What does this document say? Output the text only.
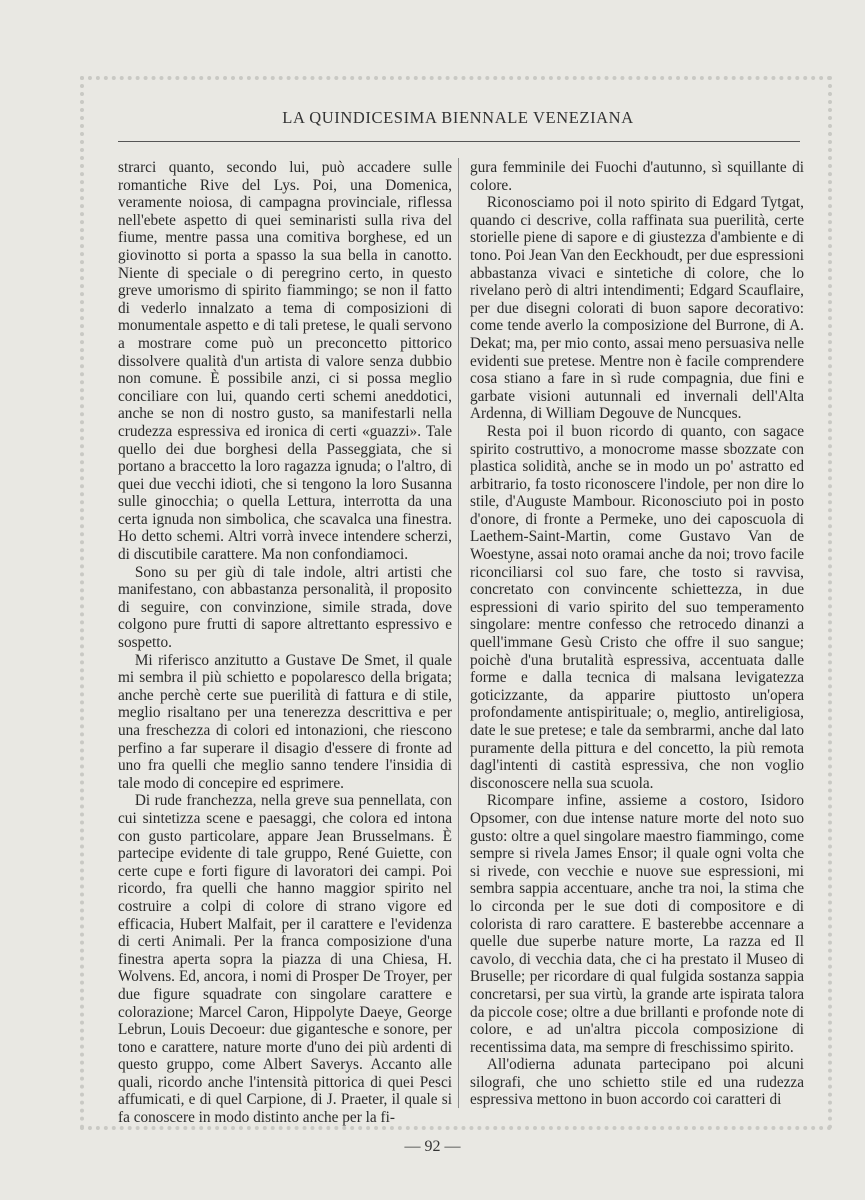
LA QUINDICESIMA BIENNALE VENEZIANA

strarci quanto, secondo lui, può accadere sulle romantiche Rive del Lys. Poi, una Domenica, veramente noiosa, di campagna provinciale, riflessa nell'ebete aspetto di quei seminaristi sulla riva del fiume, mentre passa una comitiva borghese, ed un giovinotto si porta a spasso la sua bella in canotto. Niente di speciale o di peregrino certo, in questo greve umorismo di spirito fiammingo; se non il fatto di vederlo innalzato a tema di composizioni di monumentale aspetto e di tali pretese, le quali servono a mostrare come può un preconcetto pittorico dissolvere qualità d'un artista di valore senza dubbio non comune. È possibile anzi, ci si possa meglio conciliare con lui, quando certi schemi aneddotici, anche se non di nostro gusto, sa manifestarli nella crudezza espressiva ed ironica di certi «guazzi». Tale quello dei due borghesi della Passeggiata, che si portano a braccetto la loro ragazza ignuda; o l'altro, di quei due vecchi idioti, che si tengono la loro Susanna sulle ginocchia; o quella Lettura, interrotta da una certa ignuda non simbolica, che scavalca una finestra. Ho detto schemi. Altri vorrà invece intendere scherzi, di discutibile carattere. Ma non confondiamoci.

Sono su per giù di tale indole, altri artisti che manifestano, con abbastanza personalità, il proposito di seguire, con convinzione, simile strada, dove colgono pure frutti di sapore altrettanto espressivo e sospetto.

Mi riferisco anzitutto a Gustave De Smet, il quale mi sembra il più schietto e popolaresco della brigata; anche perchè certe sue puerilità di fattura e di stile, meglio risaltano per una tenerezza descrittiva e per una freschezza di colori ed intonazioni, che riescono perfino a far superare il disagio d'essere di fronte ad uno fra quelli che meglio sanno tendere l'insidia di tale modo di concepire ed esprimere.

Di rude franchezza, nella greve sua pennellata, con cui sintetizza scene e paesaggi, che colora ed intona con gusto particolare, appare Jean Brusselmans. È partecipe evidente di tale gruppo, René Guiette, con certe cupe e forti figure di lavoratori dei campi. Poi ricordo, fra quelli che hanno maggior spirito nel costruire a colpi di colore di strano vigore ed efficacia, Hubert Malfait, per il carattere e l'evidenza di certi Animali. Per la franca composizione d'una finestra aperta sopra la piazza di una Chiesa, H. Wolvens. Ed, ancora, i nomi di Prosper De Troyer, per due figure squadrate con singolare carattere e colorazione; Marcel Caron, Hippolyte Daeye, George Lebrun, Louis Decoeur: due gigantesche e sonore, per tono e carattere, nature morte d'uno dei più ardenti di questo gruppo, come Albert Saverys. Accanto alle quali, ricordo anche l'intensità pittorica di quei Pesci affumicati, e di quel Carpione, di J. Praeter, il quale si fa conoscere in modo distinto anche per la fi-

gura femminile dei Fuochi d'autunno, sì squillante di colore.

Riconosciamo poi il noto spirito di Edgard Tytgat, quando ci descrive, colla raffinata sua puerilità, certe storielle piene di sapore e di giustezza d'ambiente e di tono. Poi Jean Van den Eeckhoudt, per due espressioni abbastanza vivaci e sintetiche di colore, che lo rivelano però di altri intendimenti; Edgard Scauflaire, per due disegni colorati di buon sapore decorativo: come tende averlo la composizione del Burrone, di A. Dekat; ma, per mio conto, assai meno persuasiva nelle evidenti sue pretese. Mentre non è facile comprendere cosa stiano a fare in sì rude compagnia, due fini e garbate visioni autunnali ed invernali dell'Alta Ardenna, di William Degouve de Nuncques.

Resta poi il buon ricordo di quanto, con sagace spirito costruttivo, a monocrome masse sbozzate con plastica solidità, anche se in modo un po' astratto ed arbitrario, fa tosto riconoscere l'indole, per non dire lo stile, d'Auguste Mambour. Riconosciuto poi in posto d'onore, di fronte a Permeke, uno dei caposcuola di Laethem-Saint-Martin, come Gustavo Van de Woestyne, assai noto oramai anche da noi; trovo facile riconciliarsi col suo fare, che tosto si ravvisa, concretato con convincente schiettezza, in due espressioni di vario spirito del suo temperamento singolare: mentre confesso che retrocedo dinanzi a quell'immane Gesù Cristo che offre il suo sangue; poichè d'una brutalità espressiva, accentuata dalle forme e dalla tecnica di malsana levigatezza goticizzante, da apparire piuttosto un'opera profondamente antispirituale; o, meglio, antireligiosa, date le sue pretese; e tale da sembrarmi, anche dal lato puramente della pittura e del concetto, la più remota dagl'intenti di castità espressiva, che non voglio disconoscere nella sua scuola.

Ricompare infine, assieme a costoro, Isidoro Opsomer, con due intense nature morte del noto suo gusto: oltre a quel singolare maestro fiammingo, come sempre si rivela James Ensor; il quale ogni volta che si rivede, con vecchie e nuove sue espressioni, mi sembra sappia accentuare, anche tra noi, la stima che lo circonda per le sue doti di compositore e di colorista di raro carattere. E basterebbe accennare a quelle due superbe nature morte, La razza ed Il cavolo, di vecchia data, che ci ha prestato il Museo di Bruselle; per ricordare di qual fulgida sostanza sappia concretarsi, per sua virtù, la grande arte ispirata talora da piccole cose; oltre a due brillanti e profonde note di colore, e ad un'altra piccola composizione di recentissima data, ma sempre di freschissimo spirito.

All'odierna adunata partecipano poi alcuni silografi, che uno schietto stile ed una rudezza espressiva mettono in buon accordo coi caratteri di

— 92 —
